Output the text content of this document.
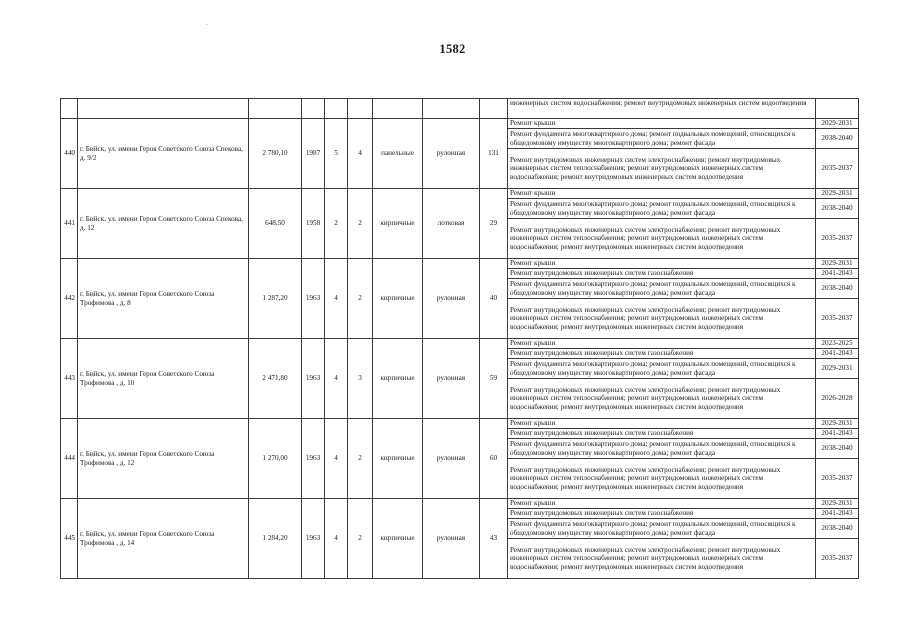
1582
									инженерных систем водоснабжения; ремонт внутридомовых инженерных систем водоотведения	
440	г. Бийск, ул. имени Героя Советского Союза Спекова, д. 9/2	2 780,10	1987	5	4	панельные	рулонная	131	Ремонт крыши	2029-2031
									Ремонт фундамента многоквартирного дома; ремонт подвальных помещений, относящихся к общедомовому имуществу многоквартирного дома; ремонт фасада	2038-2040
									Ремонт внутридомовых инженерных систем электроснабжения; ремонт внутридомовых инженерных систем теплоснабжения; ремонт внутридомовых инженерных систем водоснабжения; ремонт внутридомовых инженерных систем водоотведения	2035-2037
441	г. Бийск, ул. имени Героя Советского Союза Спекова, д. 12	648,50	1958	2	2	кирпичные	лотковая	29	Ремонт крыши	2029-2031
									Ремонт фундамента многоквартирного дома; ремонт подвальных помещений, относящихся к общедомовому имуществу многоквартирного дома; ремонт фасада	2038-2040
									Ремонт внутридомовых инженерных систем электроснабжения; ремонт внутридомовых инженерных систем теплоснабжения; ремонт внутридомовых инженерных систем водоснабжения; ремонт внутридомовых инженерных систем водоотведения	2035-2037
442	г. Бийск, ул. имени Героя Советского Союза Трофимова , д. 8	1 287,20	1963	4	2	кирпичные	рулонная	40	Ремонт крыши	2029-2031
									Ремонт внутридомовых инженерных систем газоснабжения	2041-2043
									Ремонт фундамента многоквартирного дома; ремонт подвальных помещений, относящихся к общедомовому имуществу многоквартирного дома; ремонт фасада	2038-2040
									Ремонт внутридомовых инженерных систем электроснабжения; ремонт внутридомовых инженерных систем теплоснабжения; ремонт внутридомовых инженерных систем водоснабжения; ремонт внутридомовых инженерных систем водоотведения	2035-2037
443	г. Бийск, ул. имени Героя Советского Союза Трофимова , д. 10	2 471,80	1963	4	3	кирпичные	рулонная	59	Ремонт крыши	2023-2025
									Ремонт внутридомовых инженерных систем газоснабжения	2041-2043
									Ремонт фундамента многоквартирного дома; ремонт подвальных помещений, относящихся к общедомовому имуществу многоквартирного дома; ремонт фасада	2029-2031
									Ремонт внутридомовых инженерных систем электроснабжения; ремонт внутридомовых инженерных систем теплоснабжения; ремонт внутридомовых инженерных систем водоснабжения; ремонт внутридомовых инженерных систем водоотведения	2026-2028
444	г. Бийск, ул. имени Героя Советского Союза Трофимова , д. 12	1 270,00	1963	4	2	кирпичные	рулонная	60	Ремонт крыши	2029-2031
									Ремонт внутридомовых инженерных систем газоснабжения	2041-2043
									Ремонт фундамента многоквартирного дома; ремонт подвальных помещений, относящихся к общедомовому имуществу многоквартирного дома; ремонт фасада	2038-2040
									Ремонт внутридомовых инженерных систем электроснабжения; ремонт внутридомовых инженерных систем теплоснабжения; ремонт внутридомовых инженерных систем водоснабжения; ремонт внутридомовых инженерных систем водоотведения	2035-2037
445	г. Бийск, ул. имени Героя Советского Союза Трофимова , д. 14	1 284,20	1963	4	2	кирпичные	рулонная	43	Ремонт крыши	2029-2031
									Ремонт внутридомовых инженерных систем газоснабжения	2041-2043
									Ремонт фундамента многоквартирного дома; ремонт подвальных помещений, относящихся к общедомовому имуществу многоквартирного дома; ремонт фасада	2038-2040
									Ремонт внутридомовых инженерных систем электроснабжения; ремонт внутридомовых инженерных систем теплоснабжения; ремонт внутридомовых инженерных систем водоснабжения; ремонт внутридомовых инженерных систем водоотведения	2035-2037
